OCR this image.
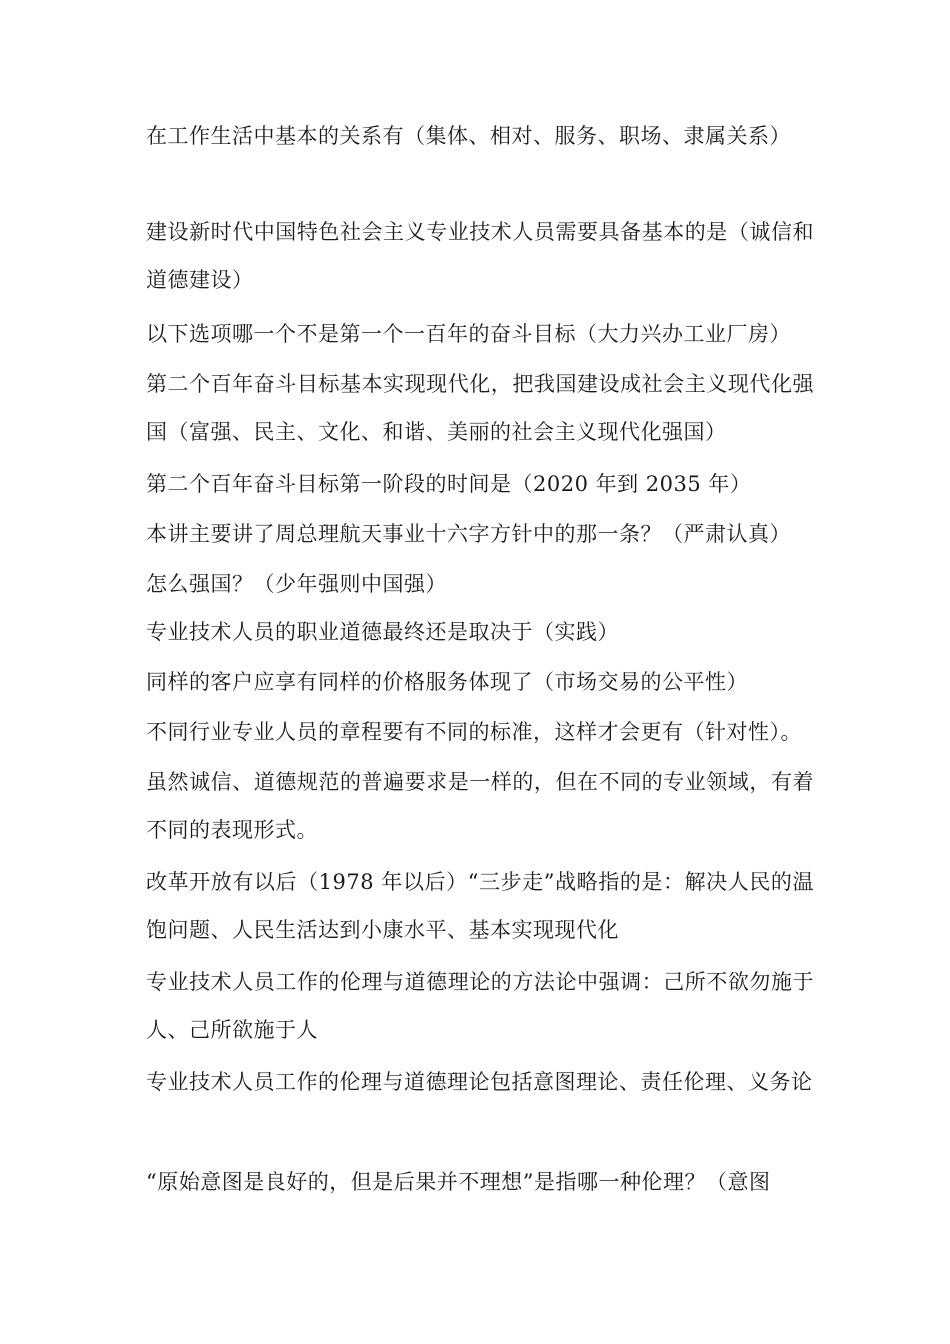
在工作生活中基本的关系有（集体、相对、服务、职场、隶属关系）

建设新时代中国特色社会主义专业技术人员需要具备基本的是（诚信和道德建设）

以下选项哪一个不是第一个一百年的奋斗目标（大力兴办工业厂房）

第二个百年奋斗目标基本实现现代化，把我国建设成社会主义现代化强国（富强、民主、文化、和谐、美丽的社会主义现代化强国）

第二个百年奋斗目标第一阶段的时间是（2020 年到 2035 年）

本讲主要讲了周总理航天事业十六字方针中的那一条？（严肃认真）

怎么强国？（少年强则中国强）

专业技术人员的职业道德最终还是取决于（实践）

同样的客户应享有同样的价格服务体现了（市场交易的公平性）

不同行业专业人员的章程要有不同的标准，这样才会更有（针对性）。

虽然诚信、道德规范的普遍要求是一样的，但在不同的专业领域，有着不同的表现形式。

改革开放有以后（1978 年以后）“三步走”战略指的是：解决人民的温饱问题、人民生活达到小康水平、基本实现现代化

专业技术人员工作的伦理与道德理论的方法论中强调：己所不欲勿施于人、己所欲施于人

专业技术人员工作的伦理与道德理论包括意图理论、责任伦理、义务论

“原始意图是良好的，但是后果并不理想”是指哪一种伦理？（意图
